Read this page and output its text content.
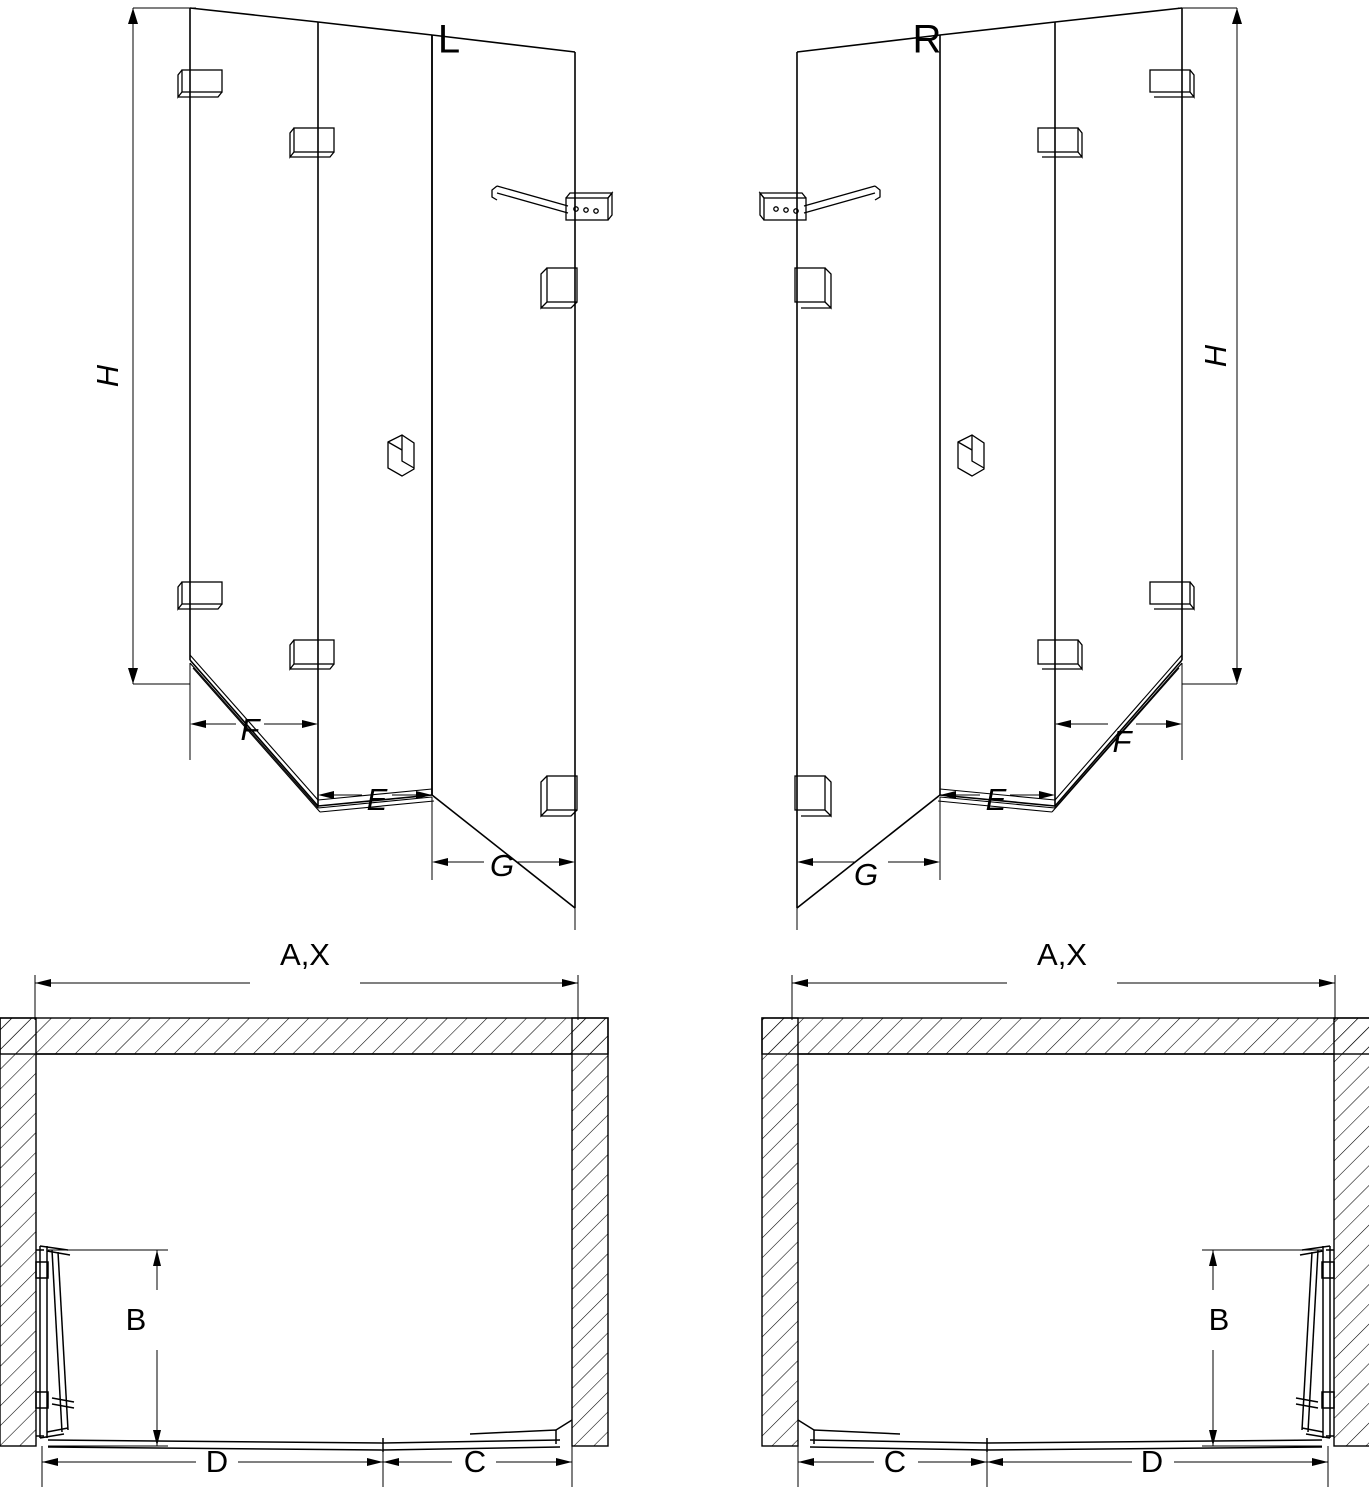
L	R
H
H
F
E
G
F
E
G
A,X	A,X
B	B
D	C	C	D
